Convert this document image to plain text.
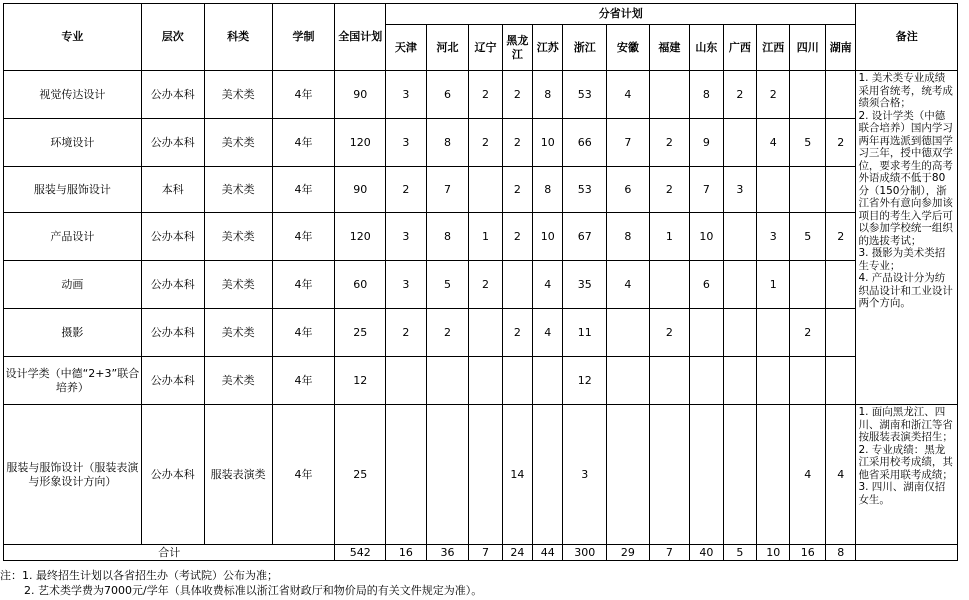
专业	层次	科类	学制	全国计划	分省计划													备注
					天津	河北	辽宁	黑龙江	江苏	浙江	安徽	福建	山东	广西	江西	四川	湖南	
视觉传达设计	公办本科	美术类	4年	90	3	6	2	2	8	53	4		8	2	2			1. 美术类专业成绩采用省统考，统考成绩须合格；
2. 设计学类（中德联合培养）国内学习两年再选派到德国学习三年，授中德双学位，要求考生的高考外语成绩不低于80分（150分制），浙江省外有意向参加该项目的考生入学后可以参加学校统一组织的选拔考试；
3. 摄影为美术类招生专业；
4. 产品设计分为纺织品设计和工业设计两个方向。
环境设计	公办本科	美术类	4年	120	3	8	2	2	10	66	7	2	9		4	5	2	
服装与服饰设计	本科	美术类	4年	90	2	7		2	8	53	6	2	7	3				
产品设计	公办本科	美术类	4年	120	3	8	1	2	10	67	8	1	10		3	5	2	
动画	公办本科	美术类	4年	60	3	5	2		4	35	4		6		1			
摄影	公办本科	美术类	4年	25	2	2		2	4	11		2				2		
设计学类（中德“2+3”联合培养）	公办本科	美术类	4年	12						12								
服装与服饰设计（服装表演与形象设计方向）	公办本科	服装表演类	4年	25				14		3						4	4	1. 面向黑龙江、四川、湖南和浙江等省按服装表演类招生；
2. 专业成绩：黑龙江采用校考成绩，其他省采用联考成绩；
3. 四川、湖南仅招女生。
合计				542	16	36	7	24	44	300	29	7	40	5	10	16	8	
注：1. 最终招生计划以各省招生办（考试院）公布为准；
2. 艺术类学费为7000元/学年（具体收费标准以浙江省财政厅和物价局的有关文件规定为准）。
